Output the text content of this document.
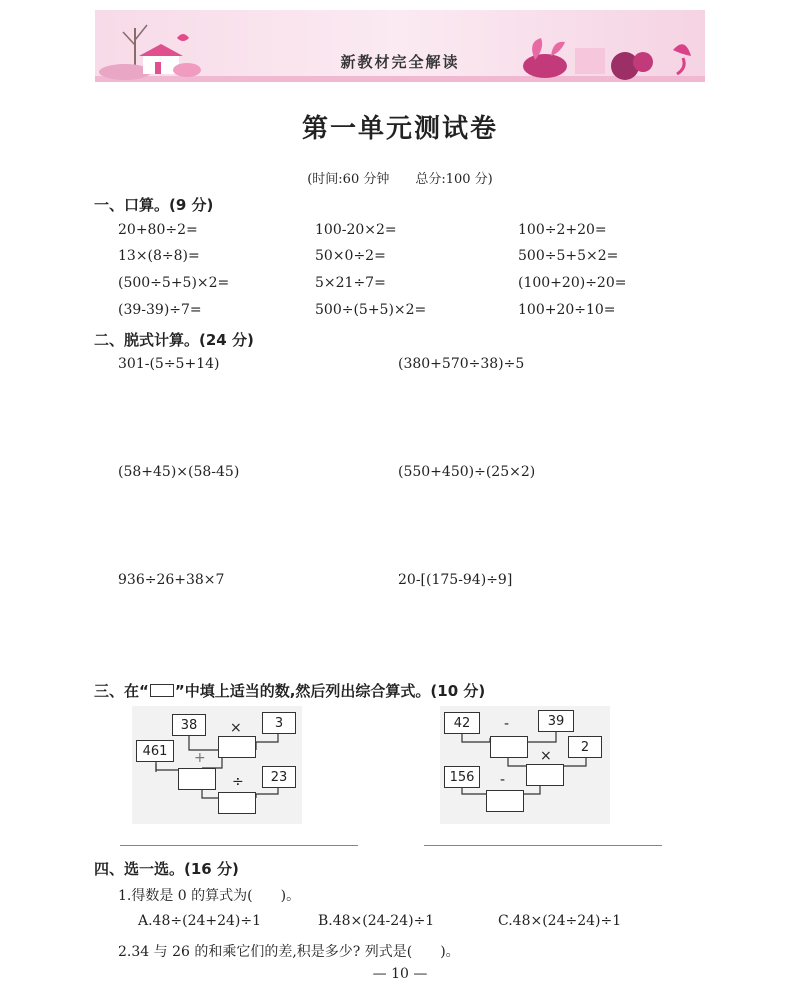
新教材完全解读
第一单元测试卷
(时间:60 分钟　　总分:100 分)
一、口算。(9 分)
20+80÷2=	100-20×2=	100÷2+20=
13×(8÷8)=	50×0÷2=	500÷5+5×2=
(500÷5+5)×2=	5×21÷7=	(100+20)÷20=
(39-39)÷7=	500÷(5+5)×2=	100+20÷10=
二、脱式计算。(24 分)
301-(5÷5+14)	(380+570÷38)÷5
(58+45)×(58-45)	(550+450)÷(25×2)
936÷26+38×7	20-[(175-94)÷9]
三、在“ ”中填上适当的数,然后列出综合算式。(10 分)
38	×	3
461	+
23
÷
42	-	39
2
×
156	-
四、选一选。(16 分)
1.得数是 0 的算式为(　　)。
A.48÷(24+24)÷1	B.48×(24-24)÷1	C.48×(24÷24)÷1
2.34 与 26 的和乘它们的差,积是多少? 列式是(　　)。
— 10 —
